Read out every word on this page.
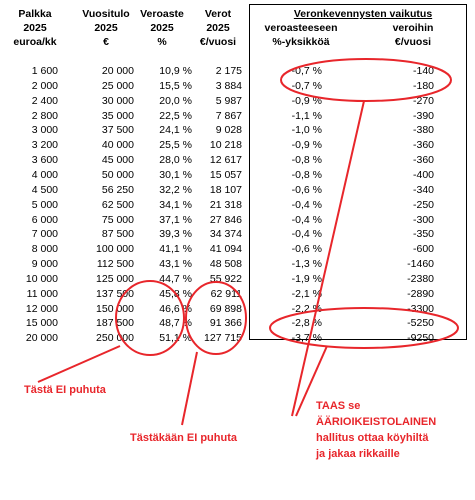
Palkka
2025
euroa/kk
Vuositulo
2025
€
Veroaste
2025
%
Verot
2025
€/vuosi
Veronkevennysten vaikutus
veroasteeseen
%-yksikköä
veroihin
€/vuosi
1 600	20 000	10,9 %	2 175	-0,7 %	-140
2 000	25 000	15,5 %	3 884	-0,7 %	-180
2 400	30 000	20,0 %	5 987	-0,9 %	-270
2 800	35 000	22,5 %	7 867	-1,1 %	-390
3 000	37 500	24,1 %	9 028	-1,0 %	-380
3 200	40 000	25,5 %	10 218	-0,9 %	-360
3 600	45 000	28,0 %	12 617	-0,8 %	-360
4 000	50 000	30,1 %	15 057	-0,8 %	-400
4 500	56 250	32,2 %	18 107	-0,6 %	-340
5 000	62 500	34,1 %	21 318	-0,4 %	-250
6 000	75 000	37,1 %	27 846	-0,4 %	-300
7 000	87 500	39,3 %	34 374	-0,4 %	-350
8 000	100 000	41,1 %	41 094	-0,6 %	-600
9 000	112 500	43,1 %	48 508	-1,3 %	-1460
10 000	125 000	44,7 %	55 922	-1,9 %	-2380
11 000	137 500	45,8 %	62 911	-2,1 %	-2890
12 000	150 000	46,6 %	69 898	-2,2 %	-3300
15 000	187 500	48,7 %	91 366	-2,8 %	-5250
20 000	250 000	51,1 %	127 715	-3,7 %	-9250
Tästä EI puhuta
Tästäkään EI puhuta
TAAS se
ÄÄRIOIKEISTOLAINEN
hallitus ottaa köyhiltä
ja jakaa rikkaille
